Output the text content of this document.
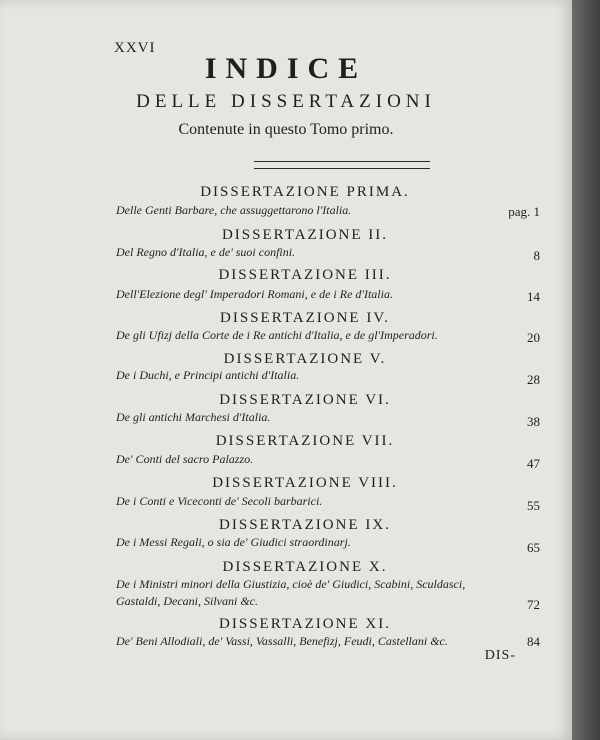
XXVI
INDICE
DELLE DISSERTAZIONI
Contenute in questo Tomo primo.
DISSERTAZIONE PRIMA.
Delle Genti Barbare, che assuggettarono l'Italia.	pag. 1
DISSERTAZIONE II.
Del Regno d'Italia, e de' suoi confini.	8
DISSERTAZIONE III.
Dell'Elezione degl' Imperadori Romani, e de i Re d'Italia.	14
DISSERTAZIONE IV.
De gli Ufizj della Corte de i Re antichi d'Italia, e de gl'Imperadori.	20
DISSERTAZIONE V.
De i Duchi, e Principi antichi d'Italia.	28
DISSERTAZIONE VI.
De gli antichi Marchesi d'Italia.	38
DISSERTAZIONE VII.
De' Conti del sacro Palazzo.	47
DISSERTAZIONE VIII.
De i Conti e Viceconti de' Secoli barbarici.	55
DISSERTAZIONE IX.
De i Messi Regali, o sia de' Giudici straordinarj.	65
DISSERTAZIONE X.
De i Ministri minori della Giustizia, cioè de' Giudici, Scabini, Sculdasci,
Gastaldi, Decani, Silvani &c.	72
DISSERTAZIONE XI.
De' Beni Allodiali, de' Vassi, Vassalli, Benefizj, Feudi, Castellani &c.	84
DIS-
